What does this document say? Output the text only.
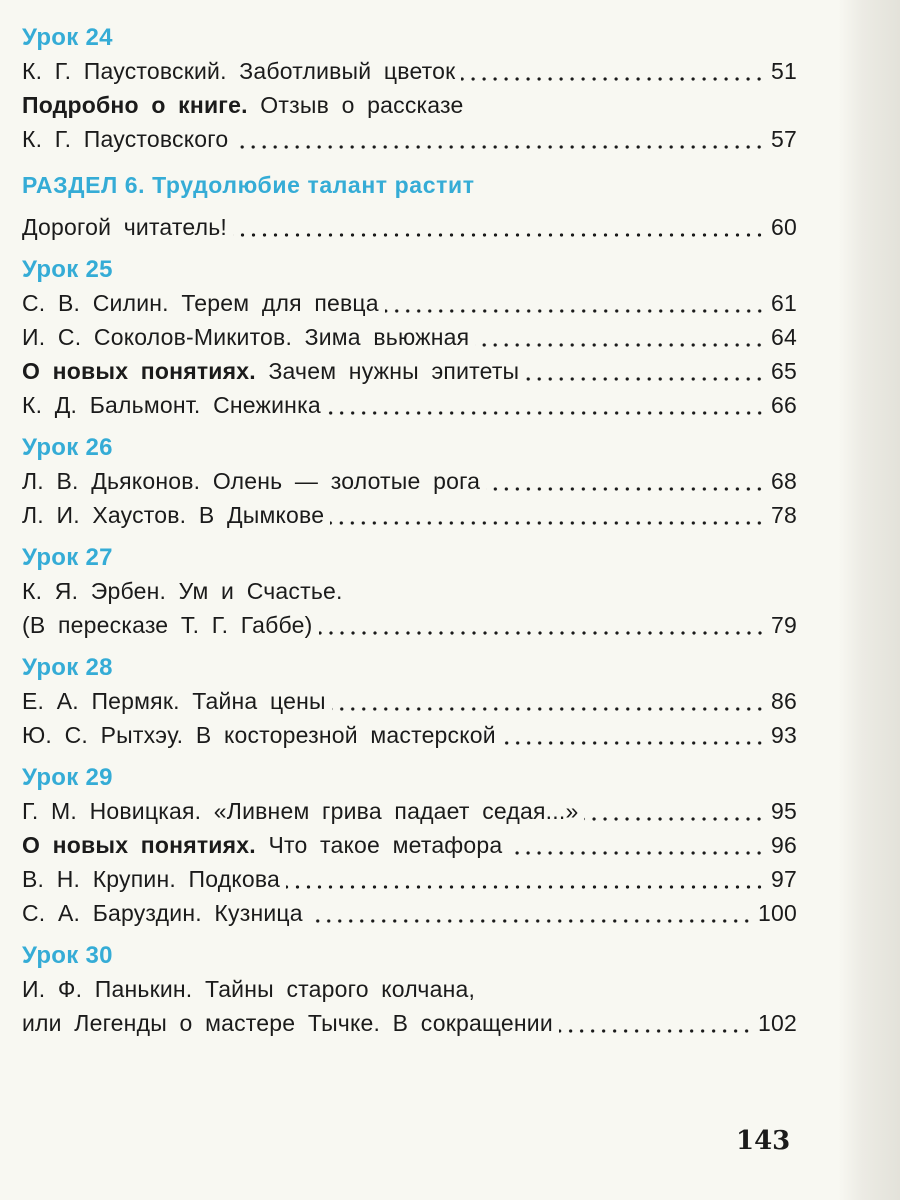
Урок 24
К. Г. Паустовский. Заботливый цветок	51
Подробно о книге. Отзыв о рассказе
К. Г. Паустовского	57
РАЗДЕЛ 6. Трудолюбие талант растит
Дорогой читатель!	60
Урок 25
С. В. Силин. Терем для певца	61
И. С. Соколов-Микитов. Зима вьюжная	64
О новых понятиях. Зачем нужны эпитеты	65
К. Д. Бальмонт. Снежинка	66
Урок 26
Л. В. Дьяконов. Олень — золотые рога	68
Л. И. Хаустов. В Дымкове	78
Урок 27
К. Я. Эрбен. Ум и Счастье.
(В пересказе Т. Г. Габбе)	79
Урок 28
Е. А. Пермяк. Тайна цены	86
Ю. С. Рытхэу. В косторезной мастерской	93
Урок 29
Г. М. Новицкая. «Ливнем грива падает седая...»	95
О новых понятиях. Что такое метафора	96
В. Н. Крупин. Подкова	97
С. А. Баруздин. Кузница	100
Урок 30
И. Ф. Панькин. Тайны старого колчана,
или Легенды о мастере Тычке. В сокращении	102
143
